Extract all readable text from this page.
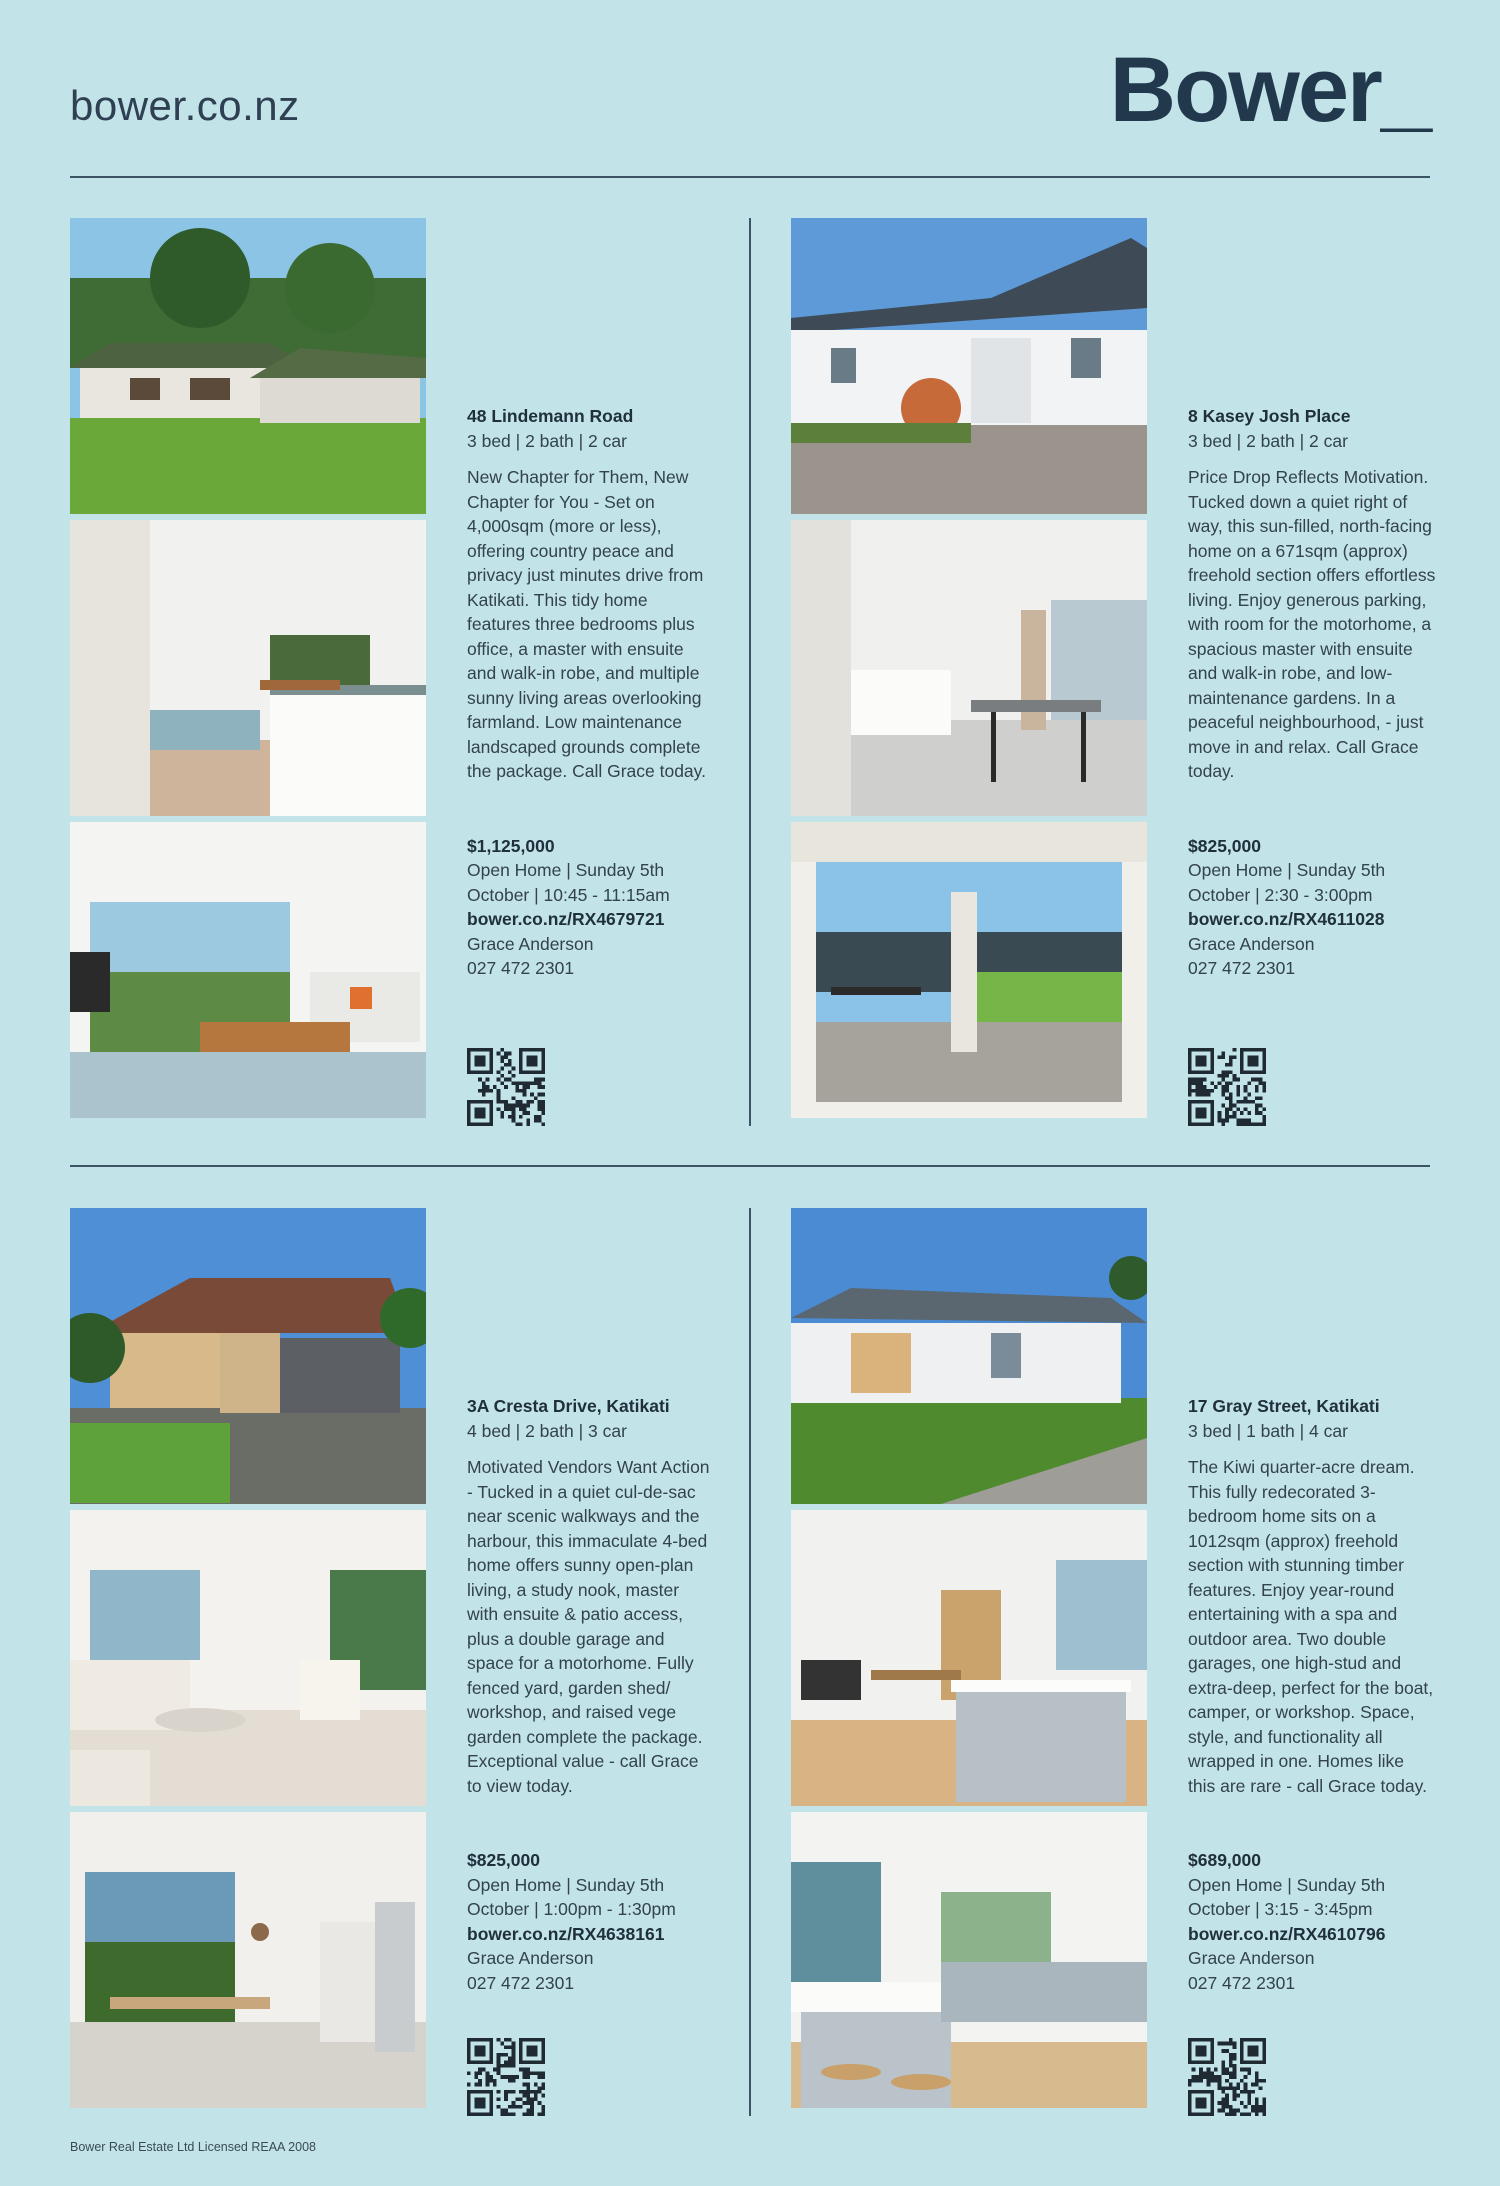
bower.co.nz	Bower_
48 Lindemann Road
3 bed | 2 bath | 2 car
New Chapter for Them, New Chapter for You - Set on 4,000sqm (more or less), offering country peace and privacy just minutes drive from Katikati. This tidy home features three bedrooms plus office, a master with ensuite and walk-in robe, and multiple sunny living areas overlooking farmland. Low maintenance landscaped grounds complete the package. Call Grace today.
$1,125,000
Open Home | Sunday 5th October | 10:45 - 11:15am
bower.co.nz/RX4679721
Grace Anderson
027 472 2301
8 Kasey Josh Place
3 bed | 2 bath | 2 car
Price Drop Reflects Motivation. Tucked down a quiet right of way, this sun-filled, north-facing home on a 671sqm (approx) freehold section offers effortless living. Enjoy generous parking, with room for the motorhome, a spacious master with ensuite and walk-in robe, and low-maintenance gardens. In a peaceful neighbourhood, - just move in and relax. Call Grace today.
$825,000
Open Home | Sunday 5th October | 2:30 - 3:00pm
bower.co.nz/RX4611028
Grace Anderson
027 472 2301
3A Cresta Drive, Katikati
4 bed | 2 bath | 3 car
Motivated Vendors Want Action - Tucked in a quiet cul-de-sac near scenic walkways and the harbour, this immaculate 4-bed home offers sunny open-plan living, a study nook, master with ensuite & patio access, plus a double garage and space for a motorhome. Fully fenced yard, garden shed/ workshop, and raised vege garden complete the package. Exceptional value - call Grace to view today.
$825,000
Open Home | Sunday 5th October | 1:00pm - 1:30pm
bower.co.nz/RX4638161
Grace Anderson
027 472 2301
17 Gray Street, Katikati
3 bed | 1 bath | 4 car
The Kiwi quarter-acre dream. This fully redecorated 3-bedroom home sits on a 1012sqm (approx) freehold section with stunning timber features. Enjoy year-round entertaining with a spa and outdoor area. Two double garages, one high-stud and extra-deep, perfect for the boat, camper, or workshop. Space, style, and functionality all wrapped in one. Homes like this are rare - call Grace today.
$689,000
Open Home | Sunday 5th October | 3:15 - 3:45pm
bower.co.nz/RX4610796
Grace Anderson
027 472 2301
Bower Real Estate Ltd Licensed REAA 2008
